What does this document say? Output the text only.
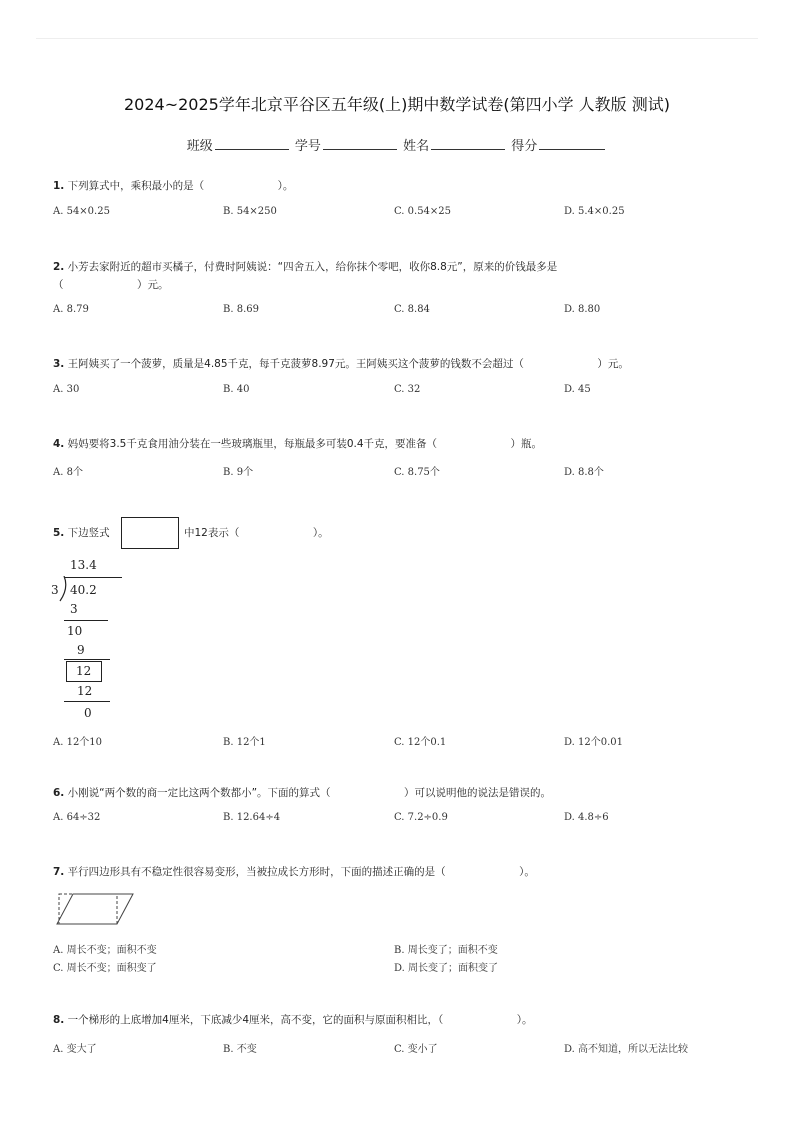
2024~2025学年北京平谷区五年级(上)期中数学试卷(第四小学 人教版 测试)
班级	学号	姓名	得分
1. 下列算式中，乘积最小的是（　　　　　　　）。
A. 54×0.25	B. 54×250	C. 0.54×25	D. 5.4×0.25
2. 小芳去家附近的超市买橘子，付费时阿姨说：“四舍五入，给你抹个零吧，收你8.8元”，原来的价钱最多是
（　　　　　　　）元。
A. 8.79	B. 8.69	C. 8.84	D. 8.80
3. 王阿姨买了一个菠萝，质量是4.85千克，每千克菠萝8.97元。王阿姨买这个菠萝的钱数不会超过（　　　　　　　）元。
A. 30	B. 40	C. 32	D. 45
4. 妈妈要将3.5千克食用油分装在一些玻璃瓶里，每瓶最多可装0.4千克，要准备（　　　　　　　）瓶。
A. 8个	B. 9个	C. 8.75个	D. 8.8个
5. 下边竖式	中12表示（　　　　　　　）。
13.4
3 40.2
3
10
9
12
12
0
A. 12个10	B. 12个1	C. 12个0.1	D. 12个0.01
6. 小刚说“两个数的商一定比这两个数都小”。下面的算式（　　　　　　　）可以说明他的说法是错误的。
A. 64÷32	B. 12.64÷4	C. 7.2÷0.9	D. 4.8÷6
7. 平行四边形具有不稳定性很容易变形，当被拉成长方形时，下面的描述正确的是（　　　　　　　）。
A. 周长不变；面积不变	B. 周长变了；面积不变
C. 周长不变；面积变了	D. 周长变了；面积变了
8. 一个梯形的上底增加4厘米，下底减少4厘米，高不变，它的面积与原面积相比，（　　　　　　　）。
A. 变大了	B. 不变	C. 变小了	D. 高不知道，所以无法比较
